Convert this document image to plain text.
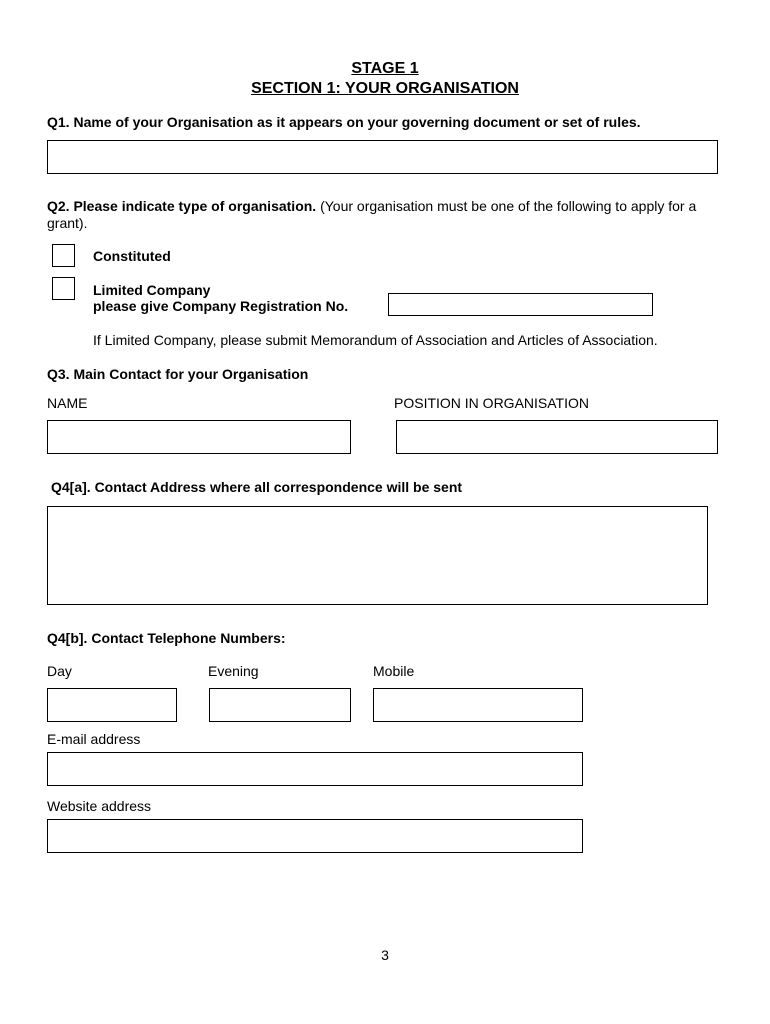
STAGE 1
SECTION 1: YOUR ORGANISATION
Q1. Name of your Organisation as it appears on your governing document or set of rules.
Q2. Please indicate type of organisation. (Your organisation must be one of the following to apply for a grant).
Constituted
Limited Company
please give Company Registration No.
If Limited Company, please submit Memorandum of Association and Articles of Association.
Q3. Main Contact for your Organisation
NAME	POSITION IN ORGANISATION
Q4[a]. Contact Address where all correspondence will be sent
Q4[b]. Contact Telephone Numbers:
Day	Evening	Mobile
E-mail address
Website address
3
